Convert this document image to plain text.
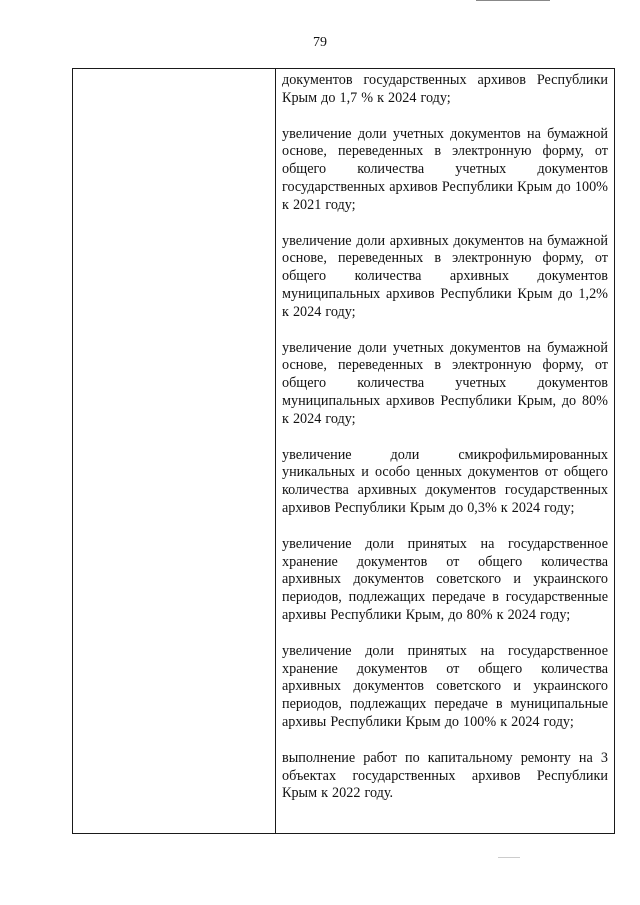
79

документов государственных архивов Республики Крым до 1,7 % к 2024 году;

увеличение доли учетных документов на бумажной основе, переведенных в электронную форму, от общего количества учетных документов государственных архивов Республики Крым до 100% к 2021 году;

увеличение доли архивных документов на бумажной основе, переведенных в электронную форму, от общего количества архивных документов муниципальных архивов Республики Крым до 1,2% к 2024 году;

увеличение доли учетных документов на бумажной основе, переведенных в электронную форму, от общего количества учетных документов муниципальных архивов Республики Крым, до 80% к 2024 году;

увеличение доли смикрофильмированных уникальных и особо ценных документов от общего количества архивных документов государственных архивов Республики Крым до 0,3% к 2024 году;

увеличение доли принятых на государственное хранение документов от общего количества архивных документов советского и украинского периодов, подлежащих передаче в государственные архивы Республики Крым, до 80% к 2024 году;

увеличение доли принятых на государственное хранение документов от общего количества архивных документов советского и украинского периодов, подлежащих передаче в муниципальные архивы Республики Крым до 100% к 2024 году;

выполнение работ по капитальному ремонту на 3 объектах государственных архивов Республики Крым к 2022 году.
